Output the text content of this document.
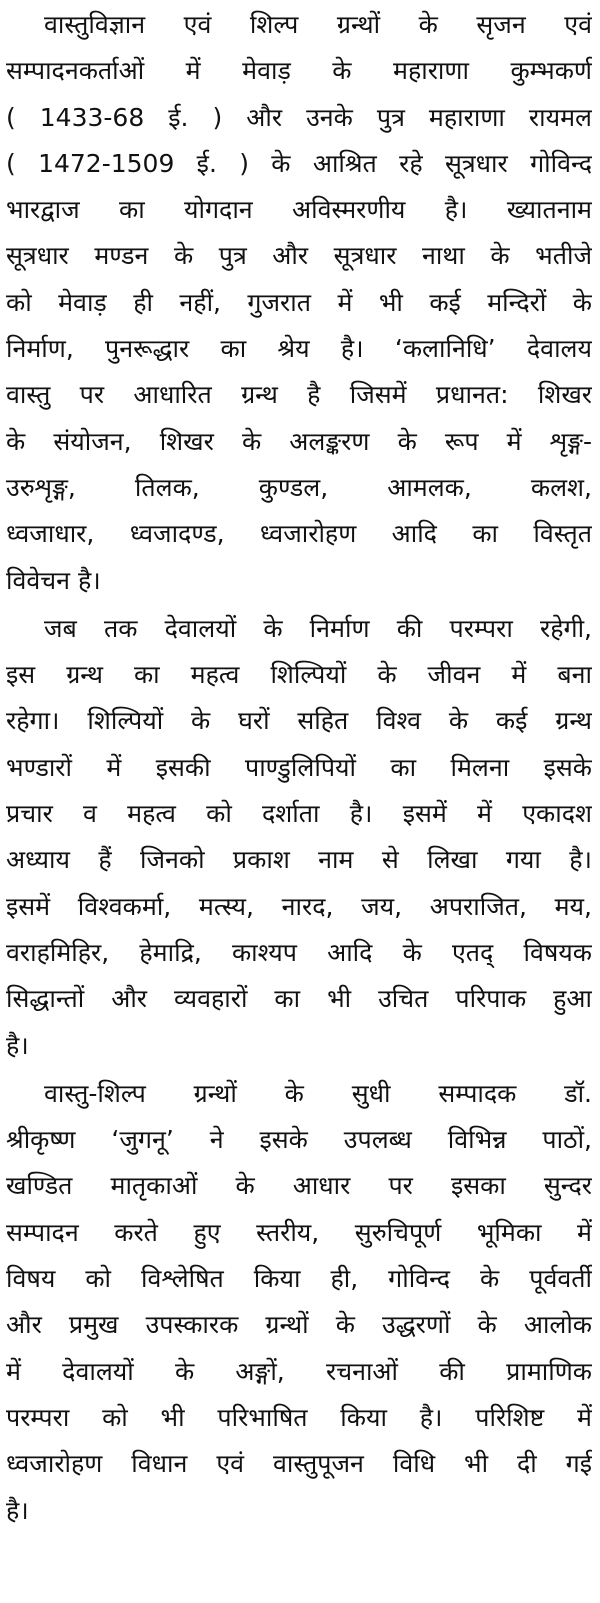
वास्तुविज्ञान एवं शिल्प ग्रन्थों के सृजन एवं
सम्पादनकर्ताओं में मेवाड़ के महाराणा कुम्भकर्ण
( 1433-68 ई. ) और उनके पुत्र महाराणा रायमल
( 1472-1509 ई. ) के आश्रित रहे सूत्रधार गोविन्द
भारद्वाज का योगदान अविस्मरणीय है। ख्यातनाम
सूत्रधार मण्डन के पुत्र और सूत्रधार नाथा के भतीजे
को मेवाड़ ही नहीं, गुजरात में भी कई मन्दिरों के
निर्माण, पुनरूद्धार का श्रेय है। ‘कलानिधि’ देवालय
वास्तु पर आधारित ग्रन्थ है जिसमें प्रधानत: शिखर
के संयोजन, शिखर के अलङ्करण के रूप में शृङ्ग-
उरुशृङ्ग, तिलक, कुण्डल, आमलक, कलश,
ध्वजाधार, ध्वजादण्ड, ध्वजारोहण आदि का विस्तृत
विवेचन है।
जब तक देवालयों के निर्माण की परम्परा रहेगी,
इस ग्रन्थ का महत्व शिल्पियों के जीवन में बना
रहेगा। शिल्पियों के घरों सहित विश्व के कई ग्रन्थ
भण्डारों में इसकी पाण्डुलिपियों का मिलना इसके
प्रचार व महत्व को दर्शाता है। इसमें में एकादश
अध्याय हैं जिनको प्रकाश नाम से लिखा गया है।
इसमें विश्वकर्मा, मत्स्य, नारद, जय, अपराजित, मय,
वराहमिहिर, हेमाद्रि, काश्यप आदि के एतद् विषयक
सिद्धान्तों और व्यवहारों का भी उचित परिपाक हुआ
है।
वास्तु-शिल्प ग्रन्थों के सुधी सम्पादक डॉ.
श्रीकृष्ण ‘जुगनू’ ने इसके उपलब्ध विभिन्न पाठों,
खण्डित मातृकाओं के आधार पर इसका सुन्दर
सम्पादन करते हुए स्तरीय, सुरुचिपूर्ण भूमिका में
विषय को विश्लेषित किया ही, गोविन्द के पूर्ववर्ती
और प्रमुख उपस्कारक ग्रन्थों के उद्धरणों के आलोक
में देवालयों के अङ्गों, रचनाओं की प्रामाणिक
परम्परा को भी परिभाषित किया है। परिशिष्ट में
ध्वजारोहण विधान एवं वास्तुपूजन विधि भी दी गई
है।
